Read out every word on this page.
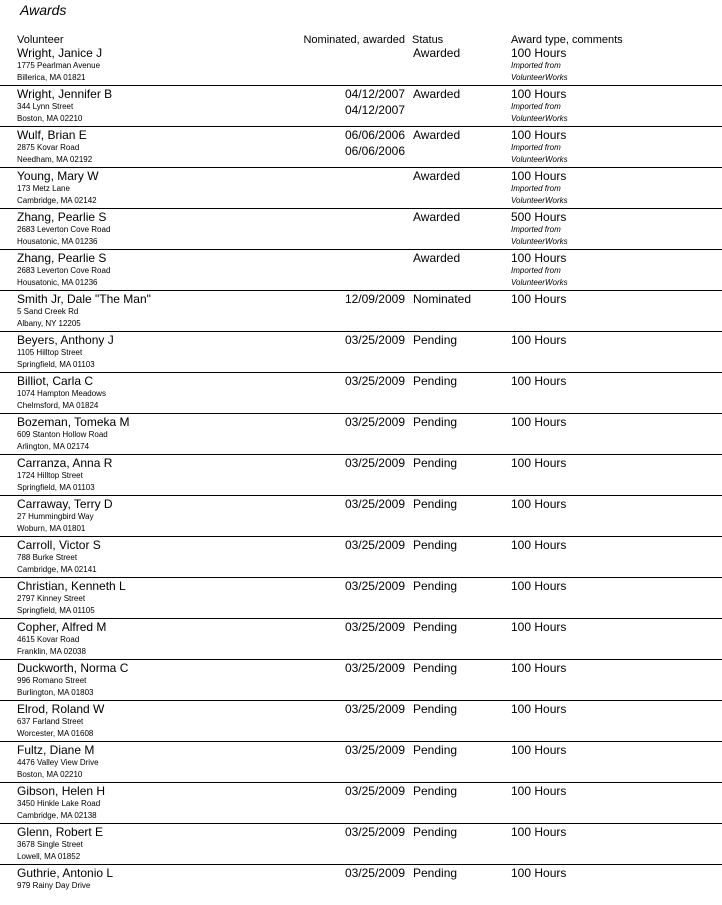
Awards
Volunteer	Nominated, awarded Status	Award type, comments
Wright, Janice J
1775 Pearlman Avenue
Billerica, MA 01821
Awarded	100 Hours
Imported from
VolunteerWorks
Wright, Jennifer B
344 Lynn Street
Boston, MA 02210
04/12/2007
04/12/2007
Awarded	100 Hours
Imported from
VolunteerWorks
Wulf, Brian E
2875 Kovar Road
Needham, MA 02192
06/06/2006
06/06/2006
Awarded	100 Hours
Imported from
VolunteerWorks
Young, Mary W
173 Metz Lane
Cambridge, MA 02142
Awarded	100 Hours
Imported from
VolunteerWorks
Zhang, Pearlie S
2683 Leverton Cove Road
Housatonic, MA 01236
Awarded	500 Hours
Imported from
VolunteerWorks
Zhang, Pearlie S
2683 Leverton Cove Road
Housatonic, MA 01236
Awarded	100 Hours
Imported from
VolunteerWorks
Smith Jr, Dale "The Man"
5 Sand Creek Rd
Albany, NY 12205
12/09/2009 Nominated	100 Hours
Beyers, Anthony J
1105 Hilltop Street
Springfield, MA 01103
03/25/2009 Pending	100 Hours
Billiot, Carla C
1074 Hampton Meadows
Chelmsford, MA 01824
03/25/2009 Pending	100 Hours
Bozeman, Tomeka M
609 Stanton Hollow Road
Arlington, MA 02174
03/25/2009 Pending	100 Hours
Carranza, Anna R
1724 Hilltop Street
Springfield, MA 01103
03/25/2009 Pending	100 Hours
Carraway, Terry D
27 Hummingbird Way
Woburn, MA 01801
03/25/2009 Pending	100 Hours
Carroll, Victor S
788 Burke Street
Cambridge, MA 02141
03/25/2009 Pending	100 Hours
Christian, Kenneth L
2797 Kinney Street
Springfield, MA 01105
03/25/2009 Pending	100 Hours
Copher, Alfred M
4615 Kovar Road
Franklin, MA 02038
03/25/2009 Pending	100 Hours
Duckworth, Norma C
996 Romano Street
Burlington, MA 01803
03/25/2009 Pending	100 Hours
Elrod, Roland W
637 Farland Street
Worcester, MA 01608
03/25/2009 Pending	100 Hours
Fultz, Diane M
4476 Valley View Drive
Boston, MA 02210
03/25/2009 Pending	100 Hours
Gibson, Helen H
3450 Hinkle Lake Road
Cambridge, MA 02138
03/25/2009 Pending	100 Hours
Glenn, Robert E
3678 Single Street
Lowell, MA 01852
03/25/2009 Pending	100 Hours
Guthrie, Antonio L
979 Rainy Day Drive
03/25/2009 Pending	100 Hours
